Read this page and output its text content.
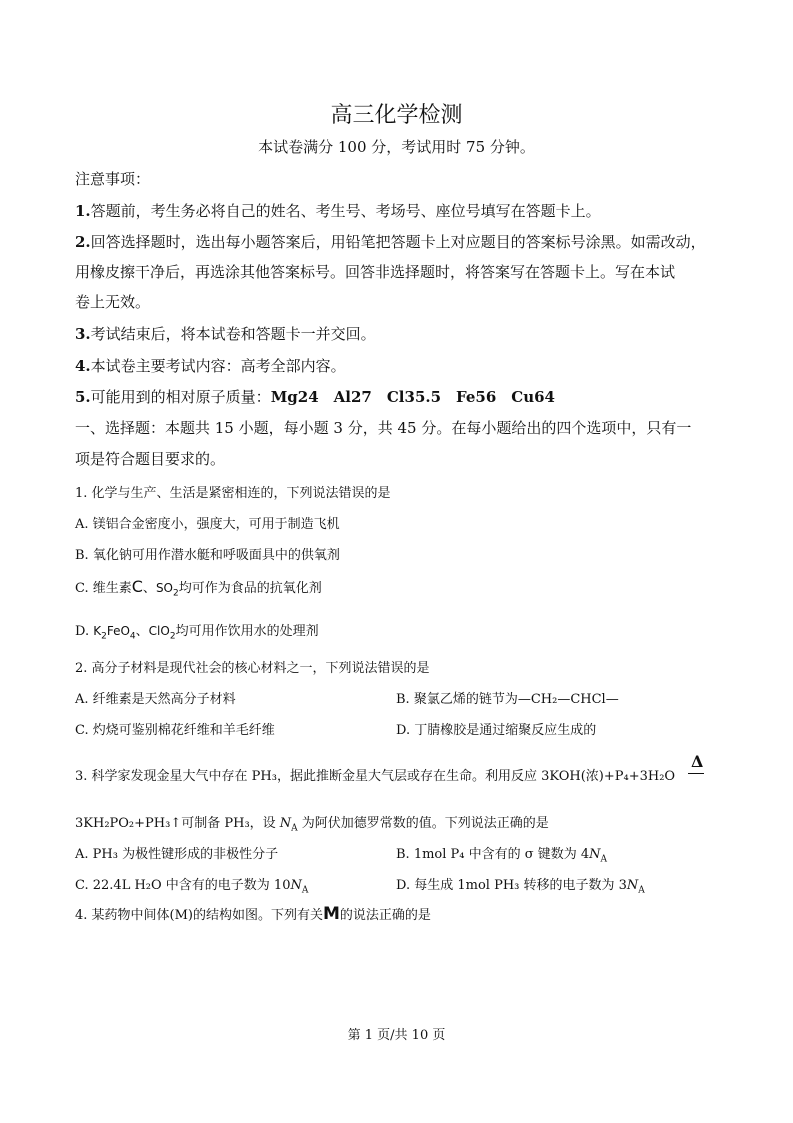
高三化学检测
本试卷满分 100 分，考试用时 75 分钟。
注意事项：
1.答题前，考生务必将自己的姓名、考生号、考场号、座位号填写在答题卡上。
2.回答选择题时，选出每小题答案后，用铅笔把答题卡上对应题目的答案标号涂黑。如需改动，
用橡皮擦干净后，再选涂其他答案标号。回答非选择题时，将答案写在答题卡上。写在本试
卷上无效。
3.考试结束后，将本试卷和答题卡一并交回。
4.本试卷主要考试内容：高考全部内容。
5.可能用到的相对原子质量：Mg24　Al27　Cl35.5　Fe56　Cu64
一、选择题：本题共 15 小题，每小题 3 分，共 45 分。在每小题给出的四个选项中，只有一
项是符合题目要求的。
1. 化学与生产、生活是紧密相连的，下列说法错误的是
A. 镁铝合金密度小，强度大，可用于制造飞机
B. 氧化钠可用作潜水艇和呼吸面具中的供氧剂
C. 维生素C、$SO_2$均可作为食品的抗氧化剂
D. $K_2FeO_4$、ClO$_2$均可用作饮用水的处理剂
2. 高分子材料是现代社会的核心材料之一，下列说法错误的是
A. 纤维素是天然高分子材料	B. 聚氯乙烯的链节为—CH₂—CHCl—
C. 灼烧可鉴别棉花纤维和羊毛纤维	D. 丁腈橡胶是通过缩聚反应生成的
3. 科学家发现金星大气中存在 PH₃，据此推断金星大气层或存在生命。利用反应 3KOH(浓)+P₄+3H₂O
Δ
3KH₂PO₂+PH₃↑可制备 PH₃，设 $N_A$ 为阿伏加德罗常数的值。下列说法正确的是
A. PH₃ 为极性键形成的非极性分子	B. 1mol P₄ 中含有的 σ 键数为 $4N_A$
C. 22.4L H₂O 中含有的电子数为 $10N_A$	D. 每生成 1mol PH₃ 转移的电子数为 $3N_A$
4. 某药物中间体(M)的结构如图。下列有关M的说法正确的是
第 1 页/共 10 页
